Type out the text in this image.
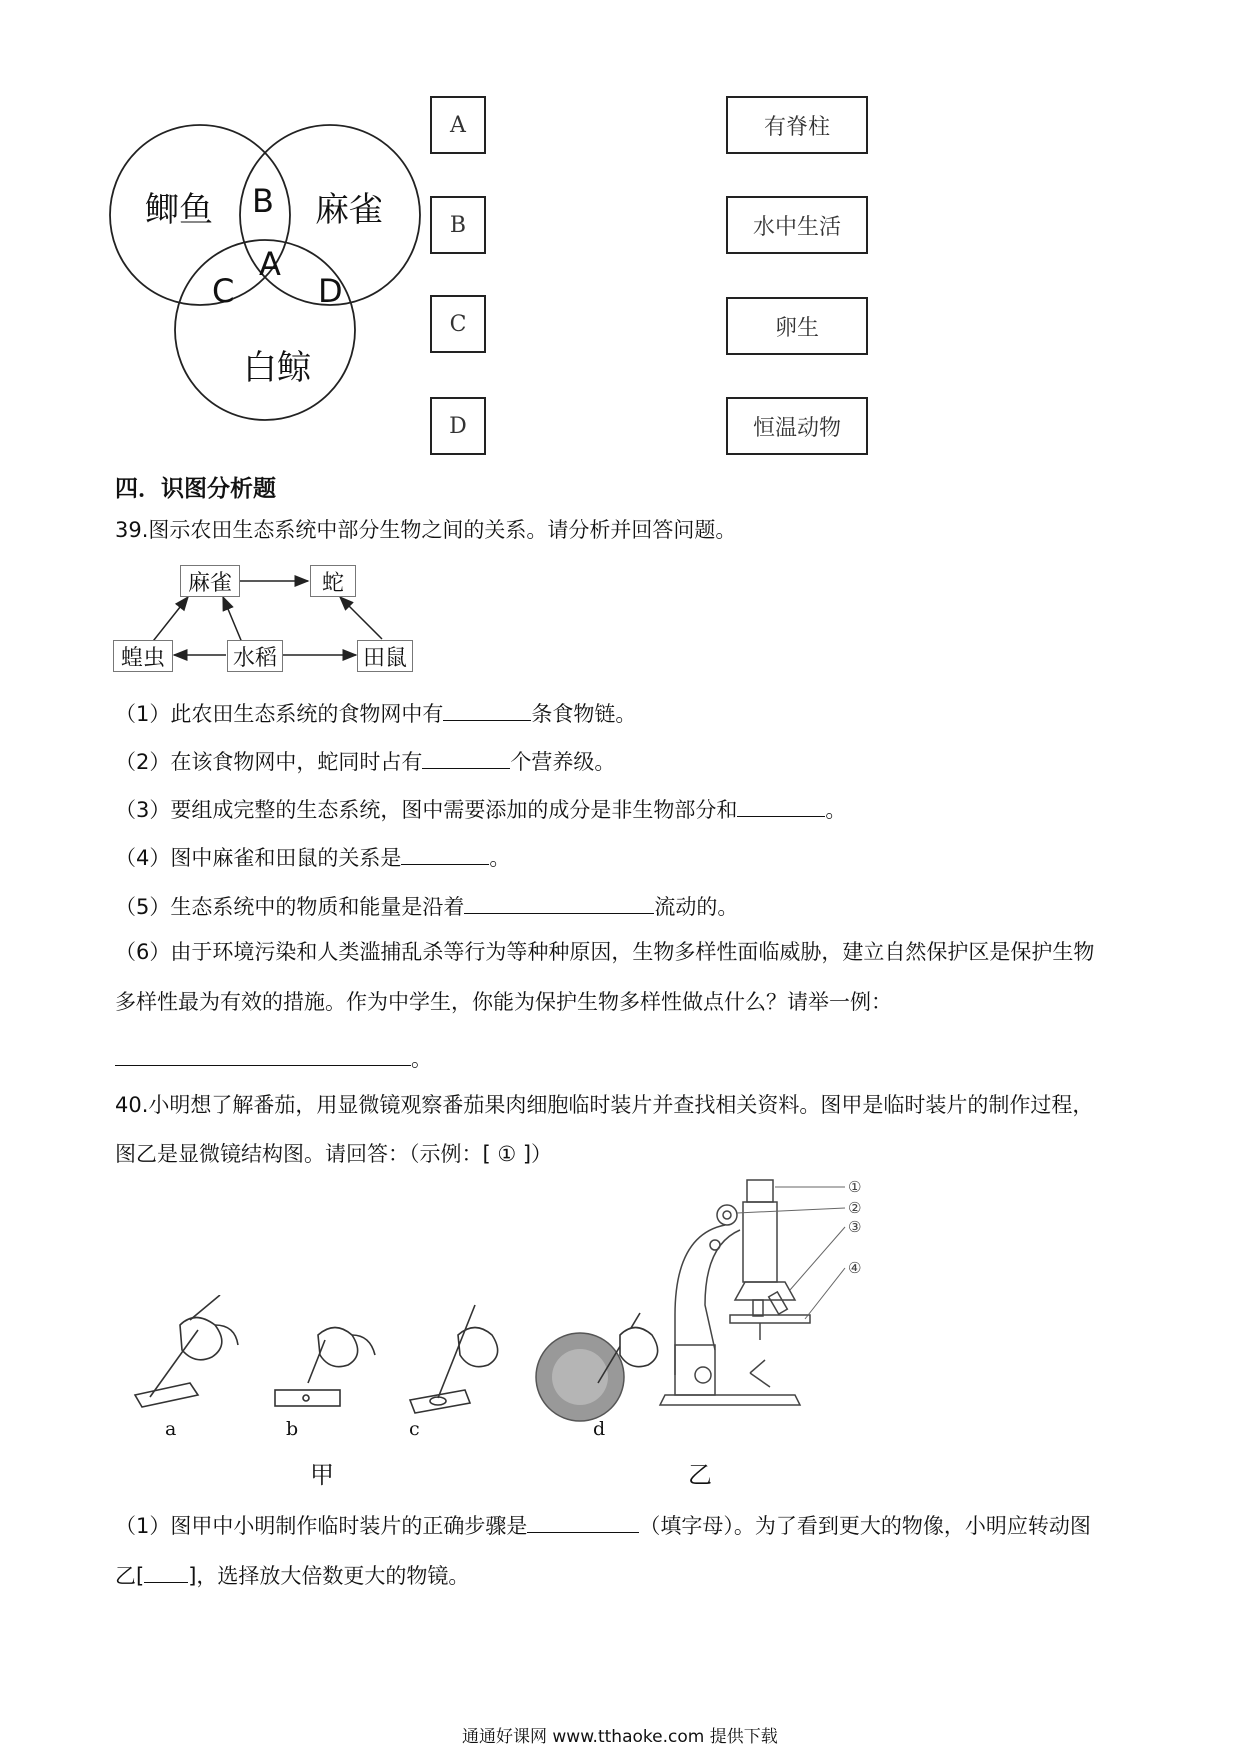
鲫鱼	麻雀
白鲸
B
A
C	D
A
B
C
D
有脊柱
水中生活
卵生
恒温动物
四．识图分析题
39.图示农田生态系统中部分生物之间的关系。请分析并回答问题。
麻雀	蛇
蝗虫	水稻	田鼠
（1）此农田生态系统的食物网中有	条食物链。
（2）在该食物网中，蛇同时占有	个营养级。
（3）要组成完整的生态系统，图中需要添加的成分是非生物部分和	。
（4）图中麻雀和田鼠的关系是	。
（5）生态系统中的物质和能量是沿着	流动的。
（6）由于环境污染和人类滥捕乱杀等行为等种种原因，生物多样性面临威胁，建立自然保护区是保护生物
多样性最为有效的措施。作为中学生，你能为保护生物多样性做点什么？请举一例：
。
40.小明想了解番茄，用显微镜观察番茄果肉细胞临时装片并查找相关资料。图甲是临时装片的制作过程，
图乙是显微镜结构图。请回答：（示例：[ ① ]）
a	b	c	d
甲
①
②
③
④
乙
（1）图甲中小明制作临时装片的正确步骤是	（填字母）。为了看到更大的物像，小明应转动图
乙[ ]，选择放大倍数更大的物镜。
通通好课网 www.tthaoke.com 提供下载
